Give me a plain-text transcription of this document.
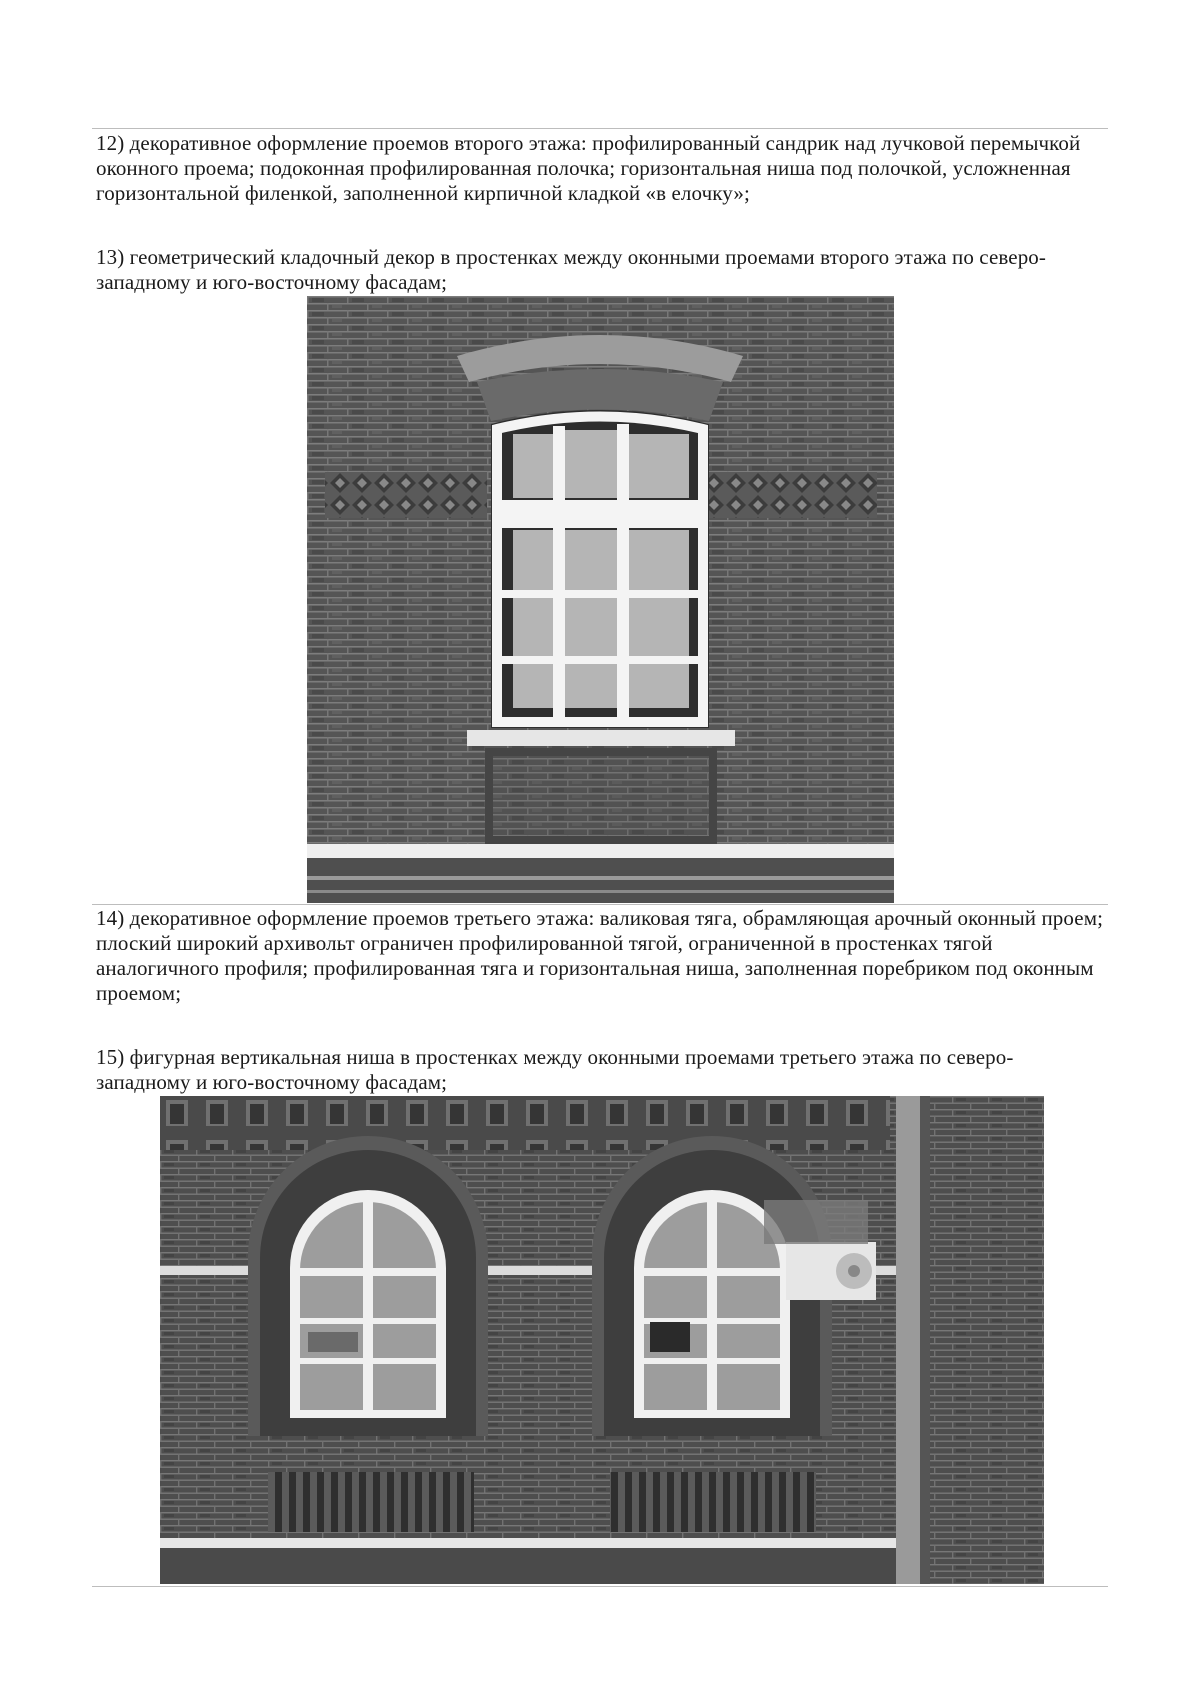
12) декоративное оформление проемов второго этажа: профилированный сандрик над лучковой перемычкой оконного проема; подоконная профилированная полочка; горизонтальная ниша под полочкой, усложненная горизонтальной филенкой, заполненной кирпичной кладкой «в елочку»;

13) геометрический кладочный декор в простенках между оконными проемами второго этажа по северо-западному и юго-восточному фасадам;

14) декоративное оформление проемов третьего этажа: валиковая тяга, обрамляющая арочный оконный проем; плоский широкий архивольт ограничен профилированной тягой, ограниченной в простенках тягой аналогичного профиля; профилированная тяга и горизонтальная ниша, заполненная поребриком под оконным проемом;

15) фигурная вертикальная ниша в простенках между оконными проемами третьего этажа по северо-западному и юго-восточному фасадам;
